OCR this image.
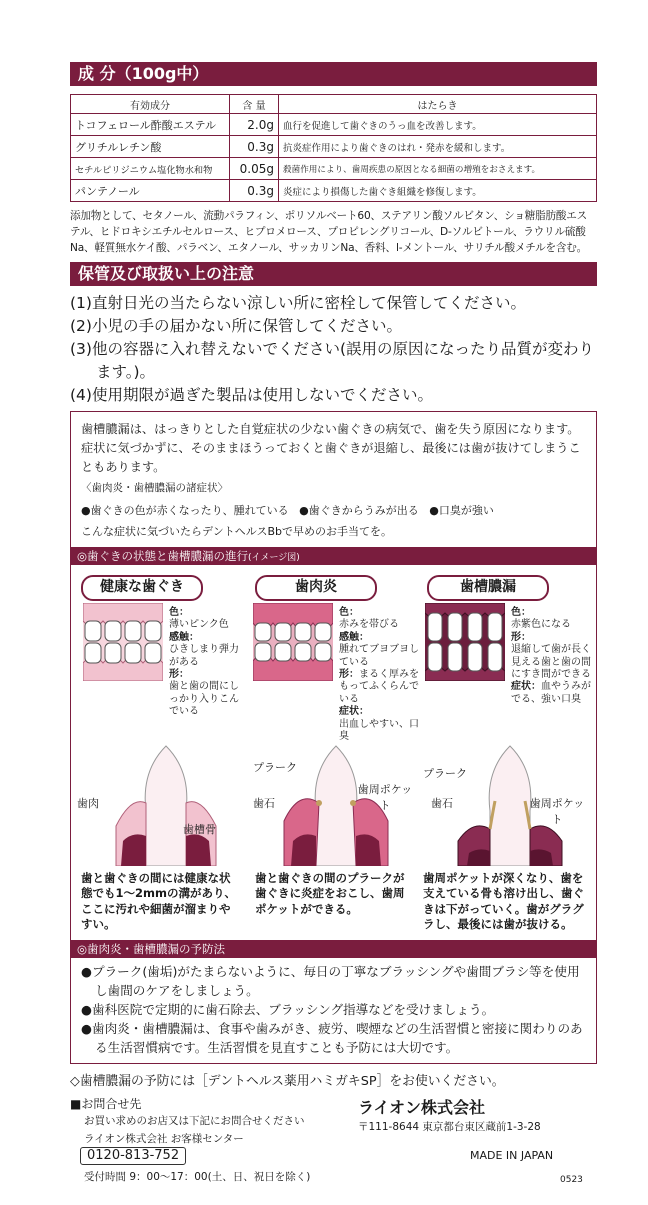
成 分（100g中）
有効成分	含 量	はたらき
トコフェロール酢酸エステル	2.0g	血行を促進して歯ぐきのうっ血を改善します。
グリチルレチン酸	0.3g	抗炎症作用により歯ぐきのはれ・発赤を緩和します。
セチルピリジニウム塩化物水和物	0.05g	殺菌作用により、歯周疾患の原因となる細菌の増殖をおさえます。
パンテノール	0.3g	炎症により損傷した歯ぐき組織を修復します。
添加物として、セタノール、流動パラフィン、ポリソルベート60、ステアリン酸ソルビタン、ショ糖脂肪酸エステル、ヒドロキシエチルセルロース、ヒプロメロース、プロピレングリコール、D-ソルビトール、ラウリル硫酸Na、軽質無水ケイ酸、パラベン、エタノール、サッカリンNa、香料、l-メントール、サリチル酸メチルを含む。
保管及び取扱い上の注意
(1)直射日光の当たらない涼しい所に密栓して保管してください。
(2)小児の手の届かない所に保管してください。
(3)他の容器に入れ替えないでください(誤用の原因になったり品質が変わります。)。
(4)使用期限が過ぎた製品は使用しないでください。
歯槽膿漏は、はっきりとした自覚症状の少ない歯ぐきの病気で、歯を失う原因になります。症状に気づかずに、そのままほうっておくと歯ぐきが退縮し、最後には歯が抜けてしまうこともあります。
〈歯肉炎・歯槽膿漏の諸症状〉
●歯ぐきの色が赤くなったり、腫れている ●歯ぐきからうみが出る ●口臭が強い
こんな症状に気づいたらデントヘルスBbで早めのお手当てを。
◎歯ぐきの状態と歯槽膿漏の進行(イメージ図)
健康な歯ぐき	歯肉炎	歯槽膿漏
色：
薄いピンク色
感触：
ひきしまり弾力がある
形：
歯と歯の間にしっかり入りこんでいる
色：
赤みを帯びる
感触：
腫れてブヨブヨしている
形：まるく厚みをもってふくらんでいる
症状：
出血しやすい、口臭
色：
赤紫色になる
形：
退縮して歯が長く見える歯と歯の間にすき間ができる
症状：血やうみがでる、強い口臭
歯肉
歯槽骨
プラーク
歯石
歯周ポケット
プラーク
歯石	歯周ポケット
歯と歯ぐきの間には健康な状態でも1〜2mmの溝があり、ここに汚れや細菌が溜まりやすい。
歯と歯ぐきの間のプラークが歯ぐきに炎症をおこし、歯周ポケットができる。
歯周ポケットが深くなり、歯を支えている骨も溶け出し、歯ぐきは下がっていく。歯がグラグラし、最後には歯が抜ける。
◎歯肉炎・歯槽膿漏の予防法
●プラーク(歯垢)がたまらないように、毎日の丁寧なブラッシングや歯間ブラシ等を使用し歯間のケアをしましょう。
●歯科医院で定期的に歯石除去、ブラッシング指導などを受けましょう。
●歯肉炎・歯槽膿漏は、食事や歯みがき、疲労、喫煙などの生活習慣と密接に関わりのある生活習慣病です。生活習慣を見直すことも予防には大切です。
◇歯槽膿漏の予防には［デントヘルス薬用ハミガキSP］をお使いください。
■お問合せ先
お買い求めのお店又は下記にお問合せください
ライオン株式会社 お客様センター
0120-813-752
受付時間 9：00〜17：00(土、日、祝日を除く)
ライオン株式会社
〒111-8644 東京都台東区蔵前1-3-28
MADE IN JAPAN
0523
